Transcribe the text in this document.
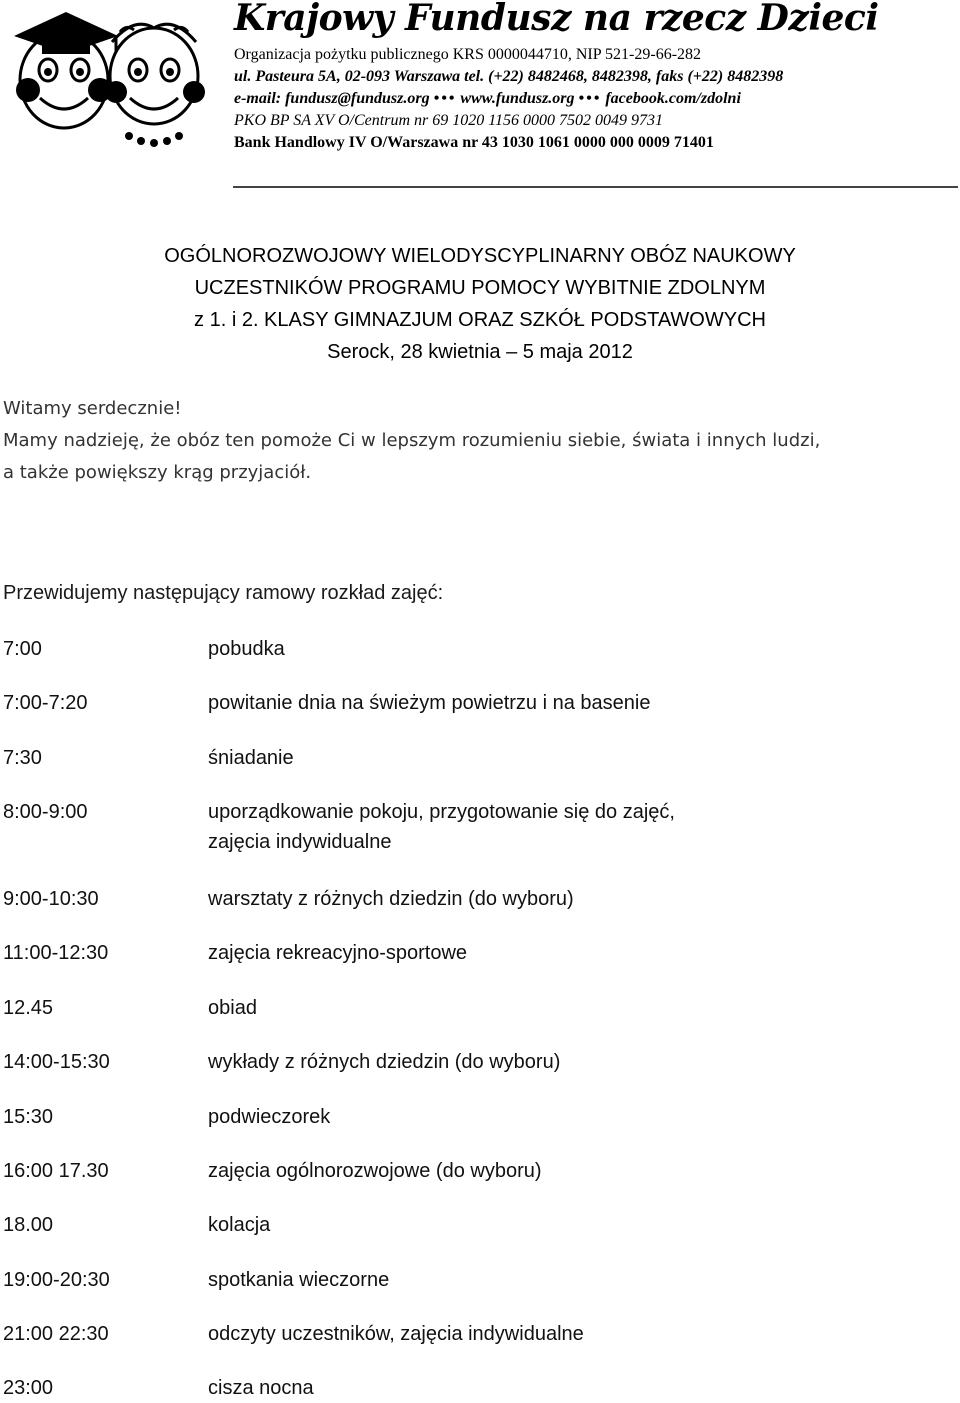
Krajowy Fundusz na rzecz Dzieci
Organizacja pożytku publicznego KRS 0000044710, NIP 521-29-66-282
ul. Pasteura 5A, 02-093 Warszawa tel. (+22) 8482468, 8482398, faks (+22) 8482398
e-mail: fundusz@fundusz.org ••• www.fundusz.org ••• facebook.com/zdolni
PKO BP SA XV O/Centrum nr 69 1020 1156 0000 7502 0049 9731
Bank Handlowy IV O/Warszawa nr 43 1030 1061 0000 000 0009 71401
OGÓLNOROZWOJOWY WIELODYSCYPLINARNY OBÓZ NAUKOWY
UCZESTNIKÓW PROGRAMU POMOCY WYBITNIE ZDOLNYM
z 1. i 2. KLASY GIMNAZJUM ORAZ SZKÓŁ PODSTAWOWYCH
Serock, 28 kwietnia – 5 maja 2012
Witamy serdecznie!
Mamy nadzieję, że obóz ten pomoże Ci w lepszym rozumieniu siebie, świata i innych ludzi,
a także powiększy krąg przyjaciół.
Przewidujemy następujący ramowy rozkład zajęć:
7:00	pobudka
7:00-7:20	powitanie dnia na świeżym powietrzu i na basenie
7:30	śniadanie
8:00-9:00	uporządkowanie pokoju, przygotowanie się do zajęć,
zajęcia indywidualne
9:00-10:30	warsztaty z różnych dziedzin (do wyboru)
11:00-12:30	zajęcia rekreacyjno-sportowe
12.45	obiad
14:00-15:30	wykłady z różnych dziedzin (do wyboru)
15:30	podwieczorek
16:00 17.30	zajęcia ogólnorozwojowe (do wyboru)
18.00	kolacja
19:00-20:30	spotkania wieczorne
21:00 22:30	odczyty uczestników, zajęcia indywidualne
23:00	cisza nocna
